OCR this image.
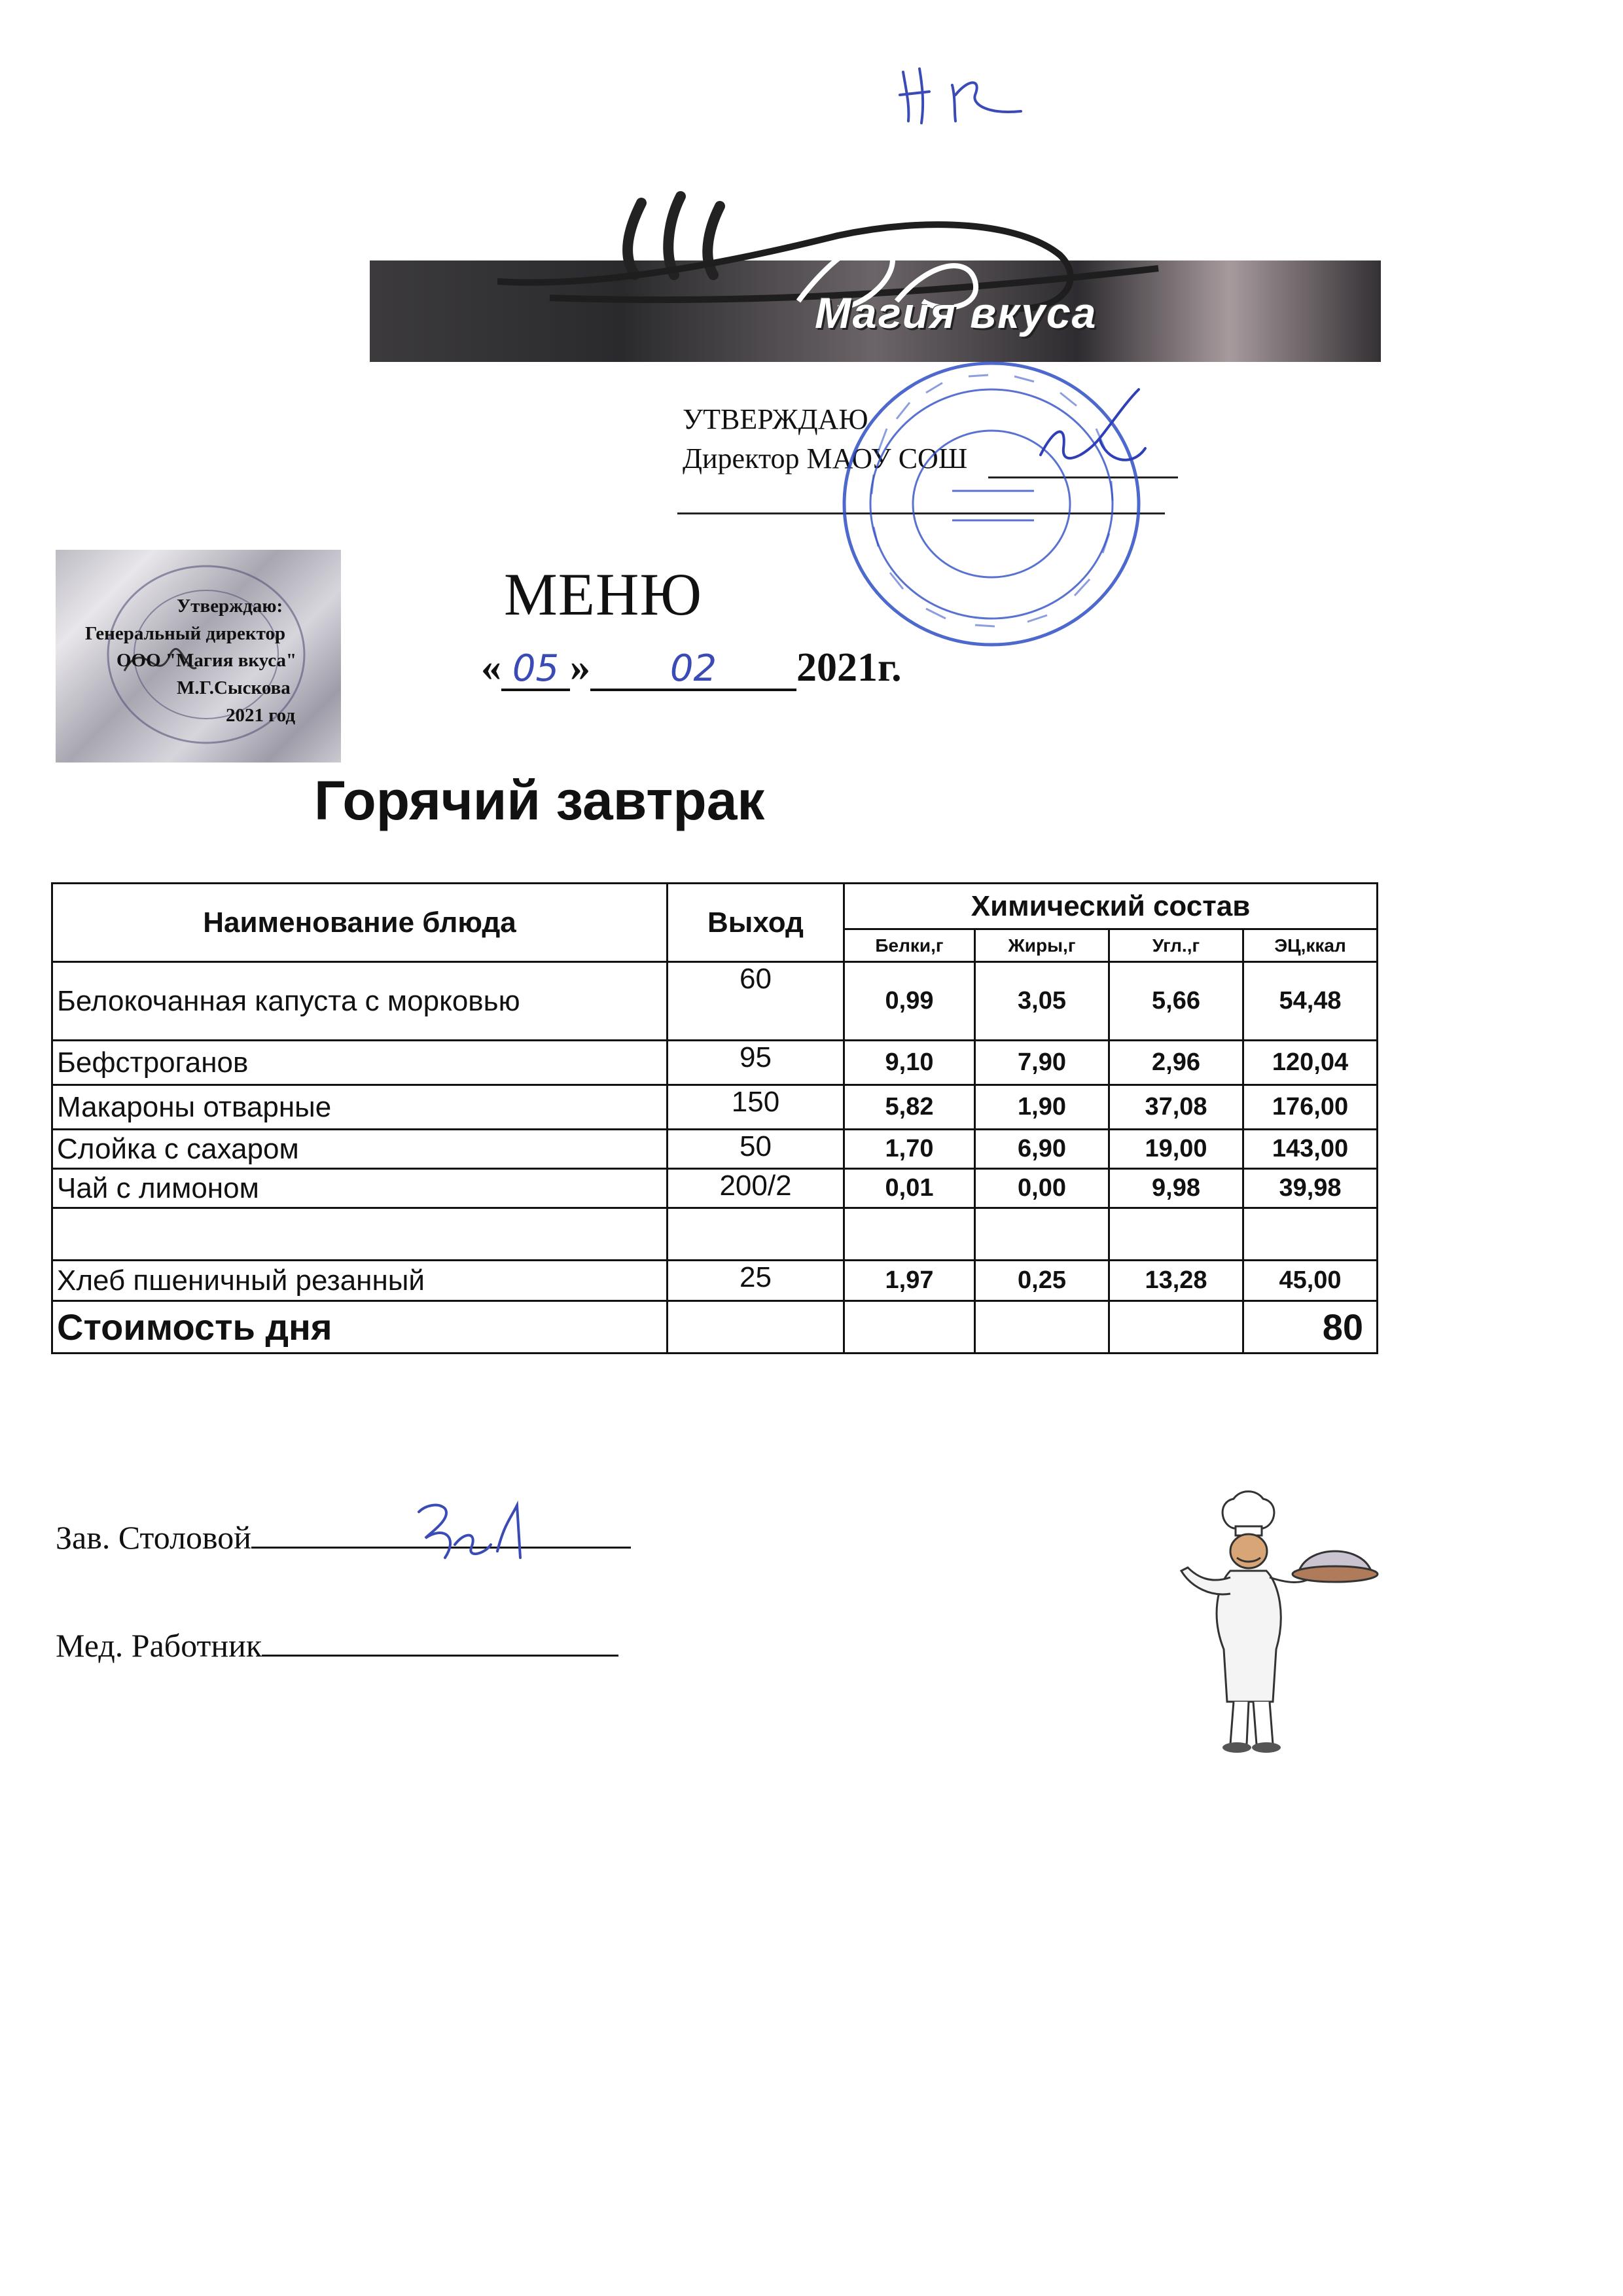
Магия вкуса
УТВЕРЖДАЮ
Директор МАОУ СОШ
Утверждаю:
Генеральный директор
ООО "Магия вкуса"
М.Г.Сыскова
2021 год
МЕНЮ
« 05 » 02 2021г.
Горячий завтрак
Наименование блюда	Выход	Химический состав			
		Белки,г	Жиры,г	Угл.,г	ЭЦ,ккал
Белокочанная капуста с морковью	60	0,99	3,05	5,66	54,48
Бефстроганов	95	9,10	7,90	2,96	120,04
Макароны отварные	150	5,82	1,90	37,08	176,00
Слойка с сахаром	50	1,70	6,90	19,00	143,00
Чай с лимоном	200/2	0,01	0,00	9,98	39,98

Хлеб пшеничный резанный	25	1,97	0,25	13,28	45,00
Стоимость дня					80
Зав. Столовой
Мед. Работник
